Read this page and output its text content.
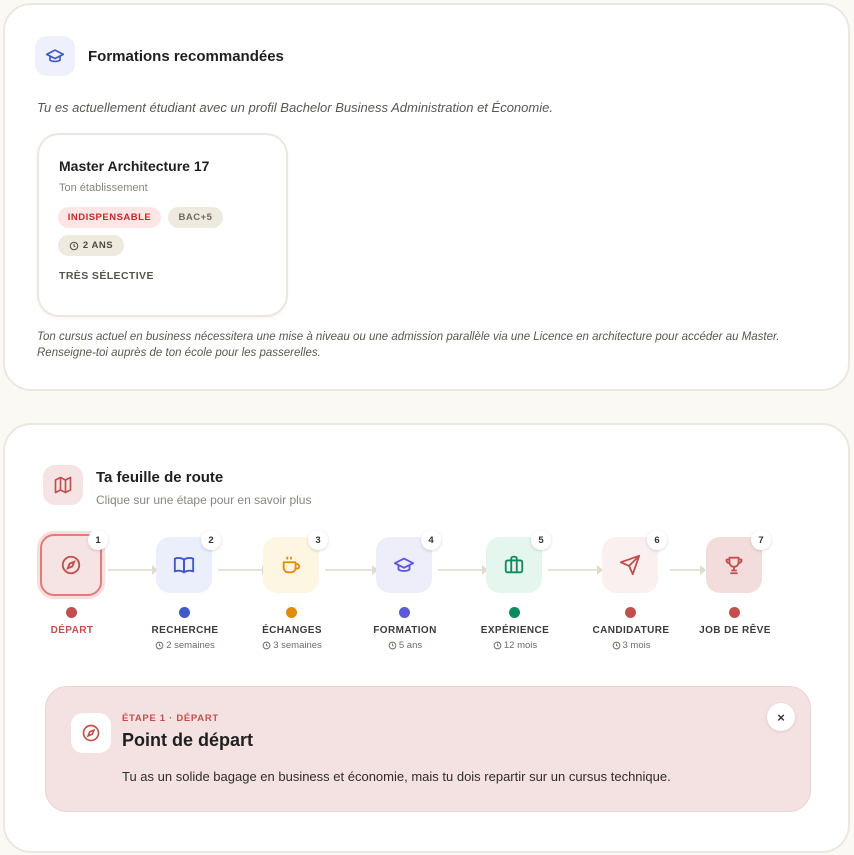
Formations recommandées
Tu es actuellement étudiant avec un profil Bachelor Business Administration et Économie.
Master Architecture 17
Ton établissement
INDISPENSABLE	BAC+5
2 ANS
TRÈS SÉLECTIVE
Ton cursus actuel en business nécessitera une mise à niveau ou une admission parallèle via une Licence en architecture pour accéder au Master.
Renseigne-toi auprès de ton école pour les passerelles.
Ta feuille de route
Clique sur une étape pour en savoir plus
1
DÉPART
2
RECHERCHE
2 semaines
3
ÉCHANGES
3 semaines
4
FORMATION
5 ans
5
EXPÉRIENCE
12 mois
6
CANDIDATURE
3 mois
7
JOB DE RÊVE
ÉTAPE 1 · DÉPART
Point de départ
Tu as un solide bagage en business et économie, mais tu dois repartir sur un cursus technique.
×
